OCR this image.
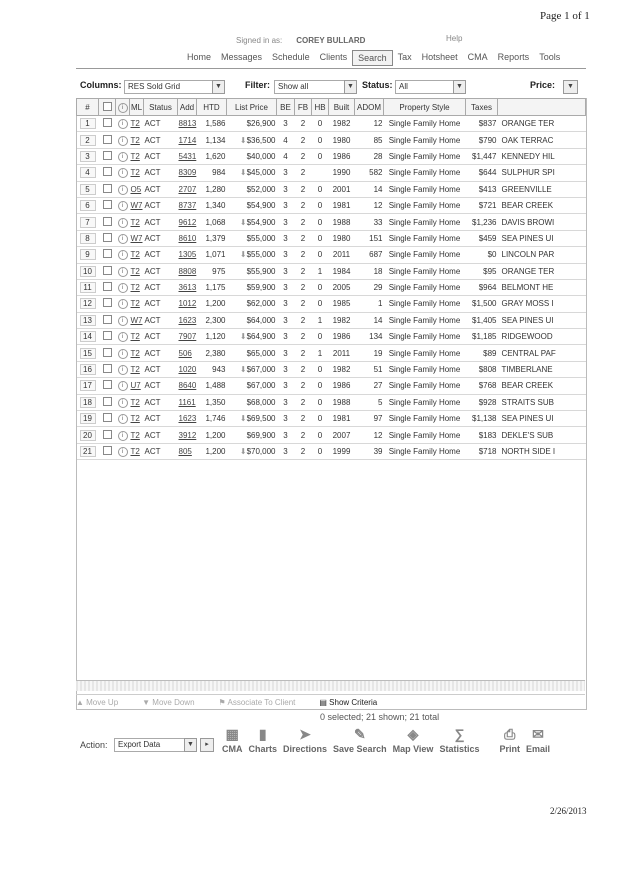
Page 1 of 1
Signed in as: COREY BULLARD	Help
Home	Messages	Schedule	Clients	Search	Tax	Hotsheet	CMA	Reports	Tools
Columns: RES Sold Grid	▼	Filter: Show all	▼ Status: All	▼	Price:	▼
#		i	ML	Status	Add	HTD	List Price	BE	FB	HB	Built	ADOM	Property Style	Taxes	
1		i	T2	ACT	8813	1,586	$26,900	3	2	0	1982	12	Single Family Home	$837	ORANGE TER
2		i	T2	ACT	1714	1,134	⬇$36,500	4	2	0	1980	85	Single Family Home	$790	OAK TERRAC
3		i	T2	ACT	5431	1,620	$40,000	4	2	0	1986	28	Single Family Home	$1,447	KENNEDY HIL
4		i	T2	ACT	8309	984	⬇$45,000	3	2		1990	582	Single Family Home	$644	SULPHUR SPI
5		i	O5	ACT	2707	1,280	$52,000	3	2	0	2001	14	Single Family Home	$413	GREENVILLE
6		i	W7	ACT	8737	1,340	$54,900	3	2	0	1981	12	Single Family Home	$721	BEAR CREEK
7		i	T2	ACT	9612	1,068	⬇$54,900	3	2	0	1988	33	Single Family Home	$1,236	DAVIS BROWI
8		i	W7	ACT	8610	1,379	$55,000	3	2	0	1980	151	Single Family Home	$459	SEA PINES UI
9		i	T2	ACT	1305	1,071	⬇$55,000	3	2	0	2011	687	Single Family Home	$0	LINCOLN PAR
10		i	T2	ACT	8808	975	$55,900	3	2	1	1984	18	Single Family Home	$95	ORANGE TER
11		i	T2	ACT	3613	1,175	$59,900	3	2	0	2005	29	Single Family Home	$964	BELMONT HE
12		i	T2	ACT	1012	1,200	$62,000	3	2	0	1985	1	Single Family Home	$1,500	GRAY MOSS I
13		i	W7	ACT	1623	2,300	$64,000	3	2	1	1982	14	Single Family Home	$1,405	SEA PINES UI
14		i	T2	ACT	7907	1,120	⬇$64,900	3	2	0	1986	134	Single Family Home	$1,185	RIDGEWOOD
15		i	T2	ACT	506	2,380	$65,000	3	2	1	2011	19	Single Family Home	$89	CENTRAL PAF
16		i	T2	ACT	1020	943	⬇$67,000	3	2	0	1982	51	Single Family Home	$808	TIMBERLANE
17		i	U7	ACT	8640	1,488	$67,000	3	2	0	1986	27	Single Family Home	$768	BEAR CREEK
18		i	T2	ACT	1161	1,350	$68,000	3	2	0	1988	5	Single Family Home	$928	STRAITS SUB
19		i	T2	ACT	1623	1,746	⬇$69,500	3	2	0	1981	97	Single Family Home	$1,138	SEA PINES UI
20		i	T2	ACT	3912	1,200	$69,900	3	2	0	2007	12	Single Family Home	$183	DEKLE'S SUB
21		i	T2	ACT	805	1,200	⬇$70,000	3	2	0	1999	39	Single Family Home	$718	NORTH SIDE I
▲ Move Up	▼ Move Down	⚑ Associate To Client	▤ Show Criteria
0 selected; 21 shown; 21 total
Action:	Export Data	▼	▸
▦
CMA
▮
Charts
➤
Directions
✎
Save Search
◈
Map View
∑
Statistics
⎙
Print
✉
Email
2/26/2013
